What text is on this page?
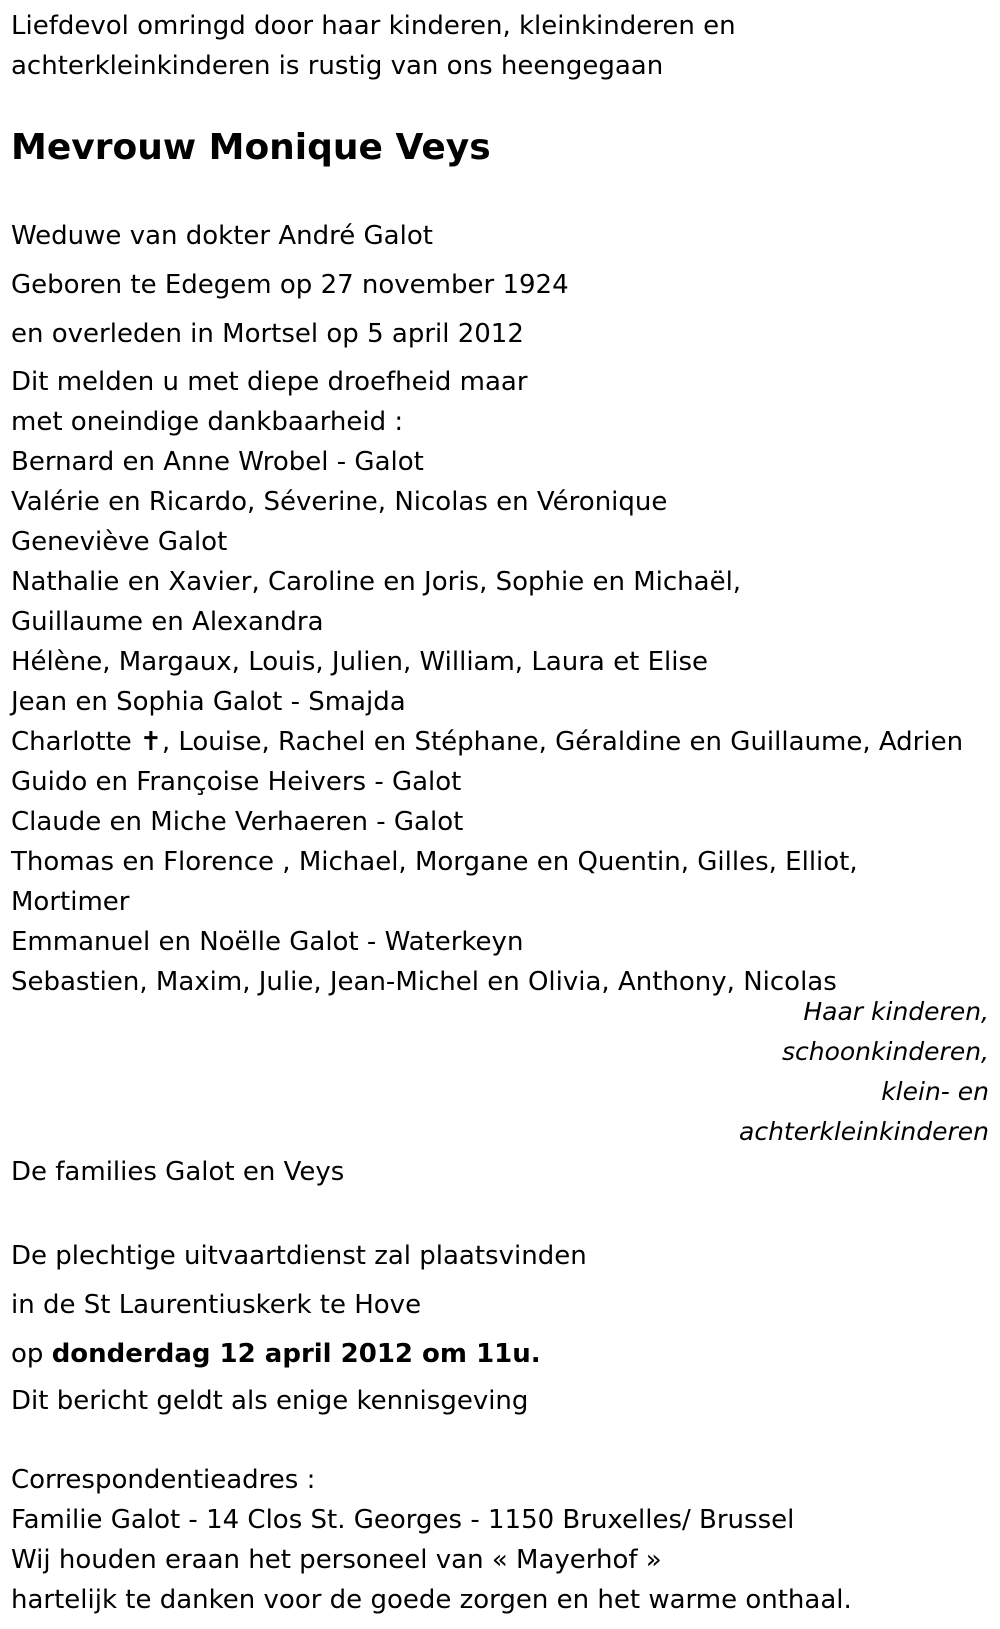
Liefdevol omringd door haar kinderen, kleinkinderen en
achterkleinkinderen is rustig van ons heengegaan
Mevrouw Monique Veys
Weduwe van dokter André Galot
Geboren te Edegem op 27 november 1924
en overleden in Mortsel op 5 april 2012
Dit melden u met diepe droefheid maar
met oneindige dankbaarheid :
Bernard en Anne Wrobel - Galot
Valérie en Ricardo, Séverine, Nicolas en Véronique
Geneviève Galot
Nathalie en Xavier, Caroline en Joris, Sophie en Michaël,
Guillaume en Alexandra
Hélène, Margaux, Louis, Julien, William, Laura et Elise
Jean en Sophia Galot - Smajda
Charlotte ✝, Louise, Rachel en Stéphane, Géraldine en Guillaume, Adrien
Guido en Françoise Heivers - Galot
Claude en Miche Verhaeren - Galot
Thomas en Florence , Michael, Morgane en Quentin, Gilles, Elliot,
Mortimer
Emmanuel en Noëlle Galot - Waterkeyn
Sebastien, Maxim, Julie, Jean-Michel en Olivia, Anthony, Nicolas
De families Galot en Veys
De plechtige uitvaartdienst zal plaatsvinden
in de St Laurentiuskerk te Hove
op donderdag 12 april 2012 om 11u.
Dit bericht geldt als enige kennisgeving
Correspondentieadres :
Familie Galot - 14 Clos St. Georges - 1150 Bruxelles/ Brussel
Wij houden eraan het personeel van « Mayerhof »
hartelijk te danken voor de goede zorgen en het warme onthaal.
Haar kinderen,
schoonkinderen,
klein- en
achterkleinkinderen
